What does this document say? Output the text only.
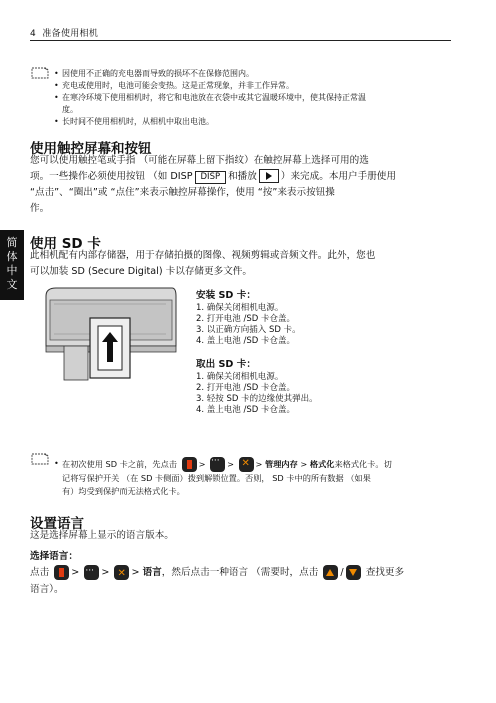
4 准备使用相机
简
体
中
文
• 因使用不正确的充电器而导致的损坏不在保修范围内。
• 充电或使用时，电池可能会变热。这是正常现象，并非工作异常。
• 在寒冷环境下使用相机时，将它和电池放在衣袋中或其它温暖环境中，使其保持正常温
度。
• 长时间不使用相机时，从相机中取出电池。
使用触控屏幕和按钮
您可以使用触控笔或手指 （可能在屏幕上留下指纹）在触控屏幕上选择可用的选
项。一些操作必须使用按钮 （如 DISP DISP 和播放	）来完成。本用户手册使用
“点击”、“圈出”或 “点住”来表示触控屏幕操作，使用 “按”来表示按钮操
作。
使用 SD 卡
此相机配有内部存储器，用于存储拍摄的图像、视频剪辑或音频文件。此外，您也
可以加装 SD (Secure Digital) 卡以存储更多文件。
安装 SD 卡：
1. 确保关闭相机电源。
2. 打开电池 /SD 卡仓盖。
3. 以正确方向插入 SD 卡。
4. 盖上电池 /SD 卡仓盖。
取出 SD 卡：
1. 确保关闭相机电源。
2. 打开电池 /SD 卡仓盖。
3. 轻按 SD 卡的边缘使其弹出。
4. 盖上电池 /SD 卡仓盖。
• 在初次使用 SD 卡之前，先点击	> ···	> ✕	> 管理内存 > 格式化来格式化卡。切
记将写保护开关 （在 SD 卡侧面）拨到解锁位置。否则， SD 卡中的所有数据 （如果
有）均受到保护而无法格式化卡。
设置语言
这是选择屏幕上显示的语言版本。
选择语言：
点击 > ··· > ✕ > 语言，然后点击一种语言 （需要时，点击 / 查找更多
语言）。
